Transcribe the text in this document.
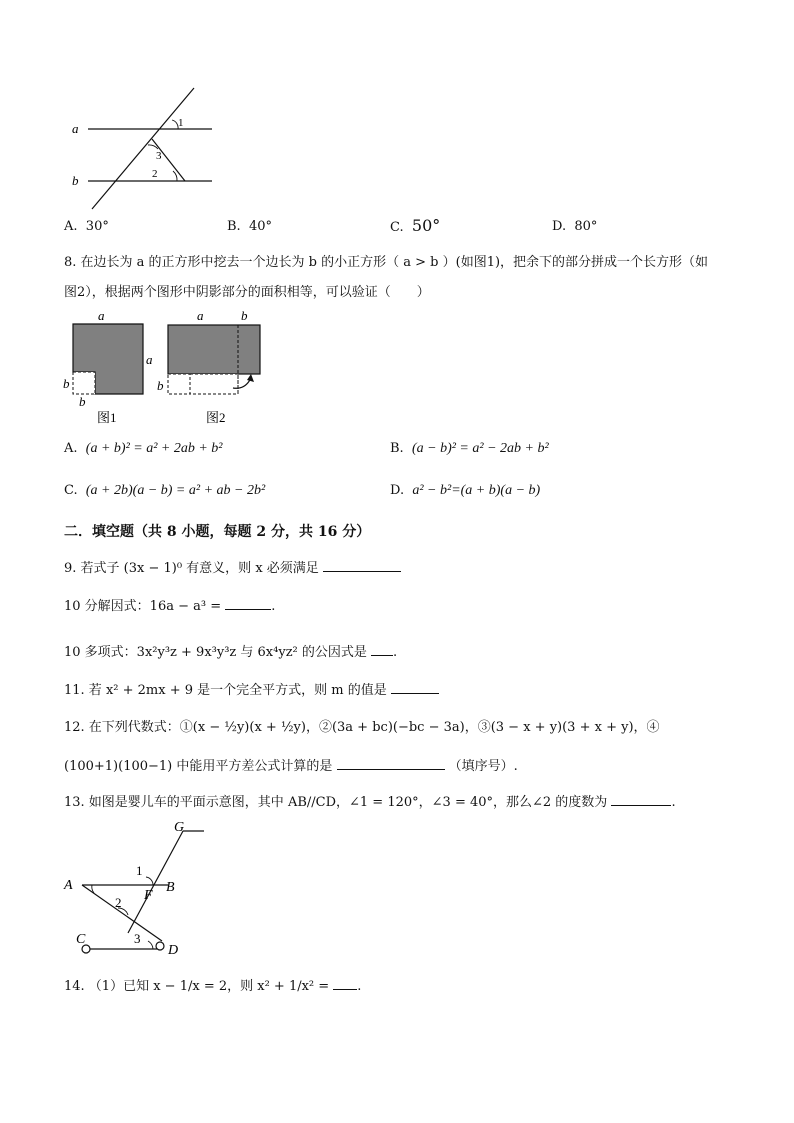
a
b
1
3
2
A. 30°	B. 40°	C. 50°	D. 80°
8. 在边长为 a 的正方形中挖去一个边长为 b 的小正方形（ a > b ）(如图1)，把余下的部分拼成一个长方形（如
图2），根据两个图形中阴影部分的面积相等，可以验证（　　）
a
a
b
b
图1
a	b
b
图2
A. (a + b)² = a² + 2ab + b²	B. (a − b)² = a² − 2ab + b²
C. (a + 2b)(a − b) = a² + ab − 2b²	D. a² − b²=(a + b)(a − b)
二．填空题（共 8 小题，每题 2 分，共 16 分）
9. 若式子 (3x − 1)⁰ 有意义，则 x 必须满足
10 分解因式：16a − a³ =	.
10 多项式：3x²y³z + 9x³y³z 与 6x⁴yz² 的公因式是 .
11. 若 x² + 2mx + 9 是一个完全平方式，则 m 的值是
12. 在下列代数式：①(x − ½y)(x + ½y)，②(3a + bc)(−bc − 3a)，③(3 − x + y)(3 + x + y)，④
(100+1)(100−1) 中能用平方差公式计算的是	（填序号）.
13. 如图是婴儿车的平面示意图，其中 AB//CD，∠1 = 120°，∠3 = 40°，那么∠2 的度数为	.
G
1
A
F
B
2
C	3
D
14. （1）已知 x − 1/x = 2，则 x² + 1/x² = .
